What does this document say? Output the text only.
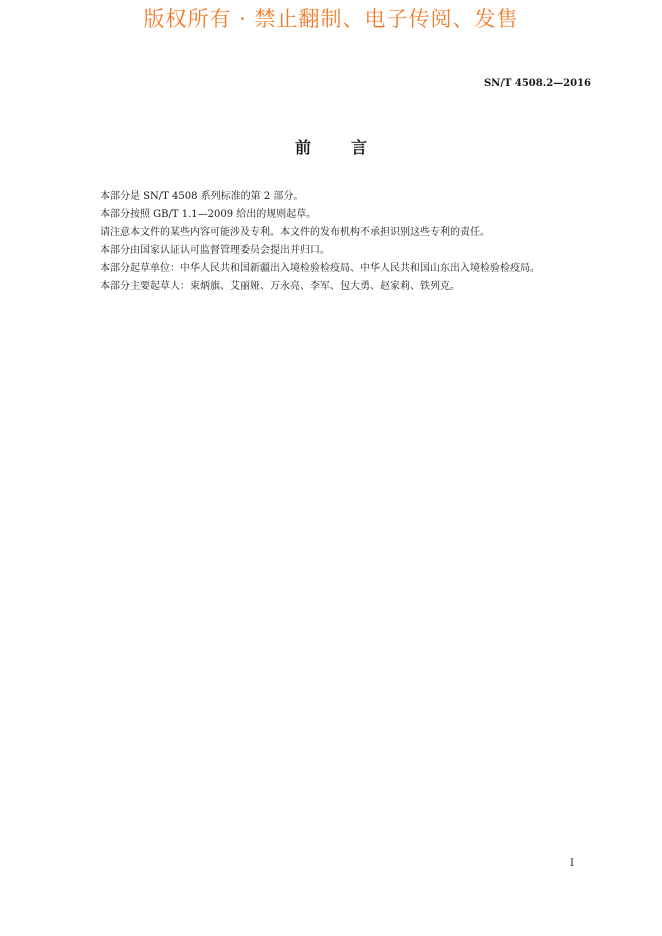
版权所有 · 禁止翻制、电子传阅、发售
SN/T 4508.2—2016
前言

本部分是 SN/T 4508 系列标准的第 2 部分。

本部分按照 GB/T 1.1—2009 给出的规则起草。

请注意本文件的某些内容可能涉及专利。本文件的发布机构不承担识别这些专利的责任。

本部分由国家认证认可监督管理委员会提出并归口。

本部分起草单位：中华人民共和国新疆出入境检验检疫局、中华人民共和国山东出入境检验检疫局。

本部分主要起草人：束炳旗、艾丽娅、万永亮、李军、包大勇、赵家莉、铁列克。

I
